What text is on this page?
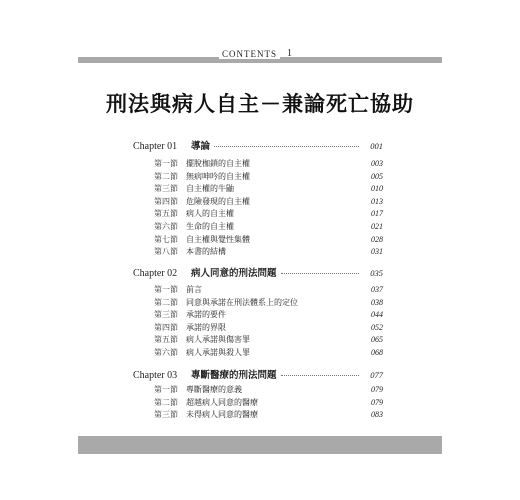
CONTENTS	1
刑法與病人自主－兼論死亡協助
Chapter 01	導論	001
第一節	擺脫枷鎖的自主權	003
第二節	無病呻吟的自主權	005
第三節	自主權的牛鼬	010
第四節	危險發現的自主權	013
第五節	病人的自主權	017
第六節	生命的自主權	021
第七節	自主權與覺性集體	028
第八節	本書的結構	031
Chapter 02	病人同意的刑法問題	035
第一節	前言	037
第二節	同意與承諾在刑法體系上的定位	038
第三節	承諾的要件	044
第四節	承諾的界限	052
第五節	病人承諾與傷害罪	065
第六節	病人承諾與殺人罪	068
Chapter 03	專斷醫療的刑法問題	077
第一節	專斷醫療的意義	079
第二節	超越病人同意的醫療	079
第三節	未得病人同意的醫療	083
